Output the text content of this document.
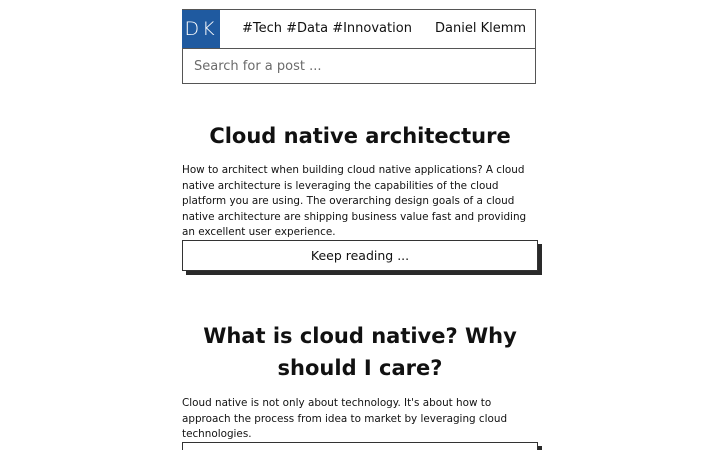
DK #Tech #Data #Innovation Daniel Klemm
Search for a post ...
Cloud native architecture

How to architect when building cloud native applications? A cloud native architecture is leveraging the capabilities of the cloud platform you are using. The overarching design goals of a cloud native architecture are shipping business value fast and providing an excellent user experience.

Keep reading ...
What is cloud native? Why should I care?

Cloud native is not only about technology. It's about how to approach the process from idea to market by leveraging cloud technologies.
